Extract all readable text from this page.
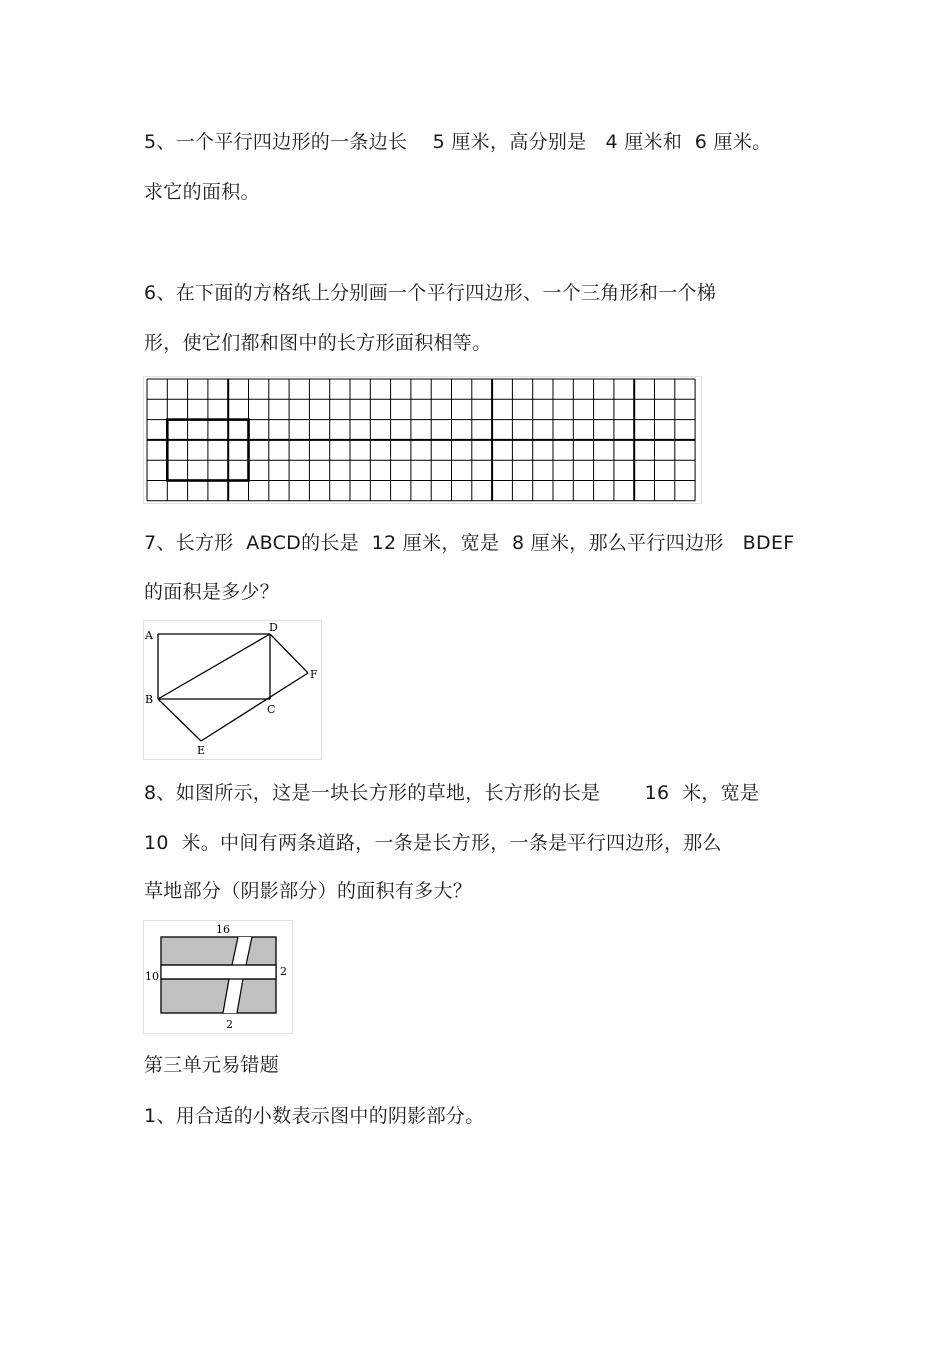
5、一个平行四边形的一条边长    5 厘米，高分别是   4 厘米和  6 厘米。
求它的面积。
6、在下面的方格纸上分别画一个平行四边形、一个三角形和一个梯
形，使它们都和图中的长方形面积相等。
7、长方形  ABCD的长是  12 厘米，宽是  8 厘米，那么平行四边形   BDEF
的面积是多少？
A
D
B
C
F
E
8、如图所示，这是一块长方形的草地，长方形的长是       16  米，宽是
10  米。中间有两条道路，一条是长方形，一条是平行四边形，那么
草地部分（阴影部分）的面积有多大？
16
10	2
2
第三单元易错题
1、用合适的小数表示图中的阴影部分。
